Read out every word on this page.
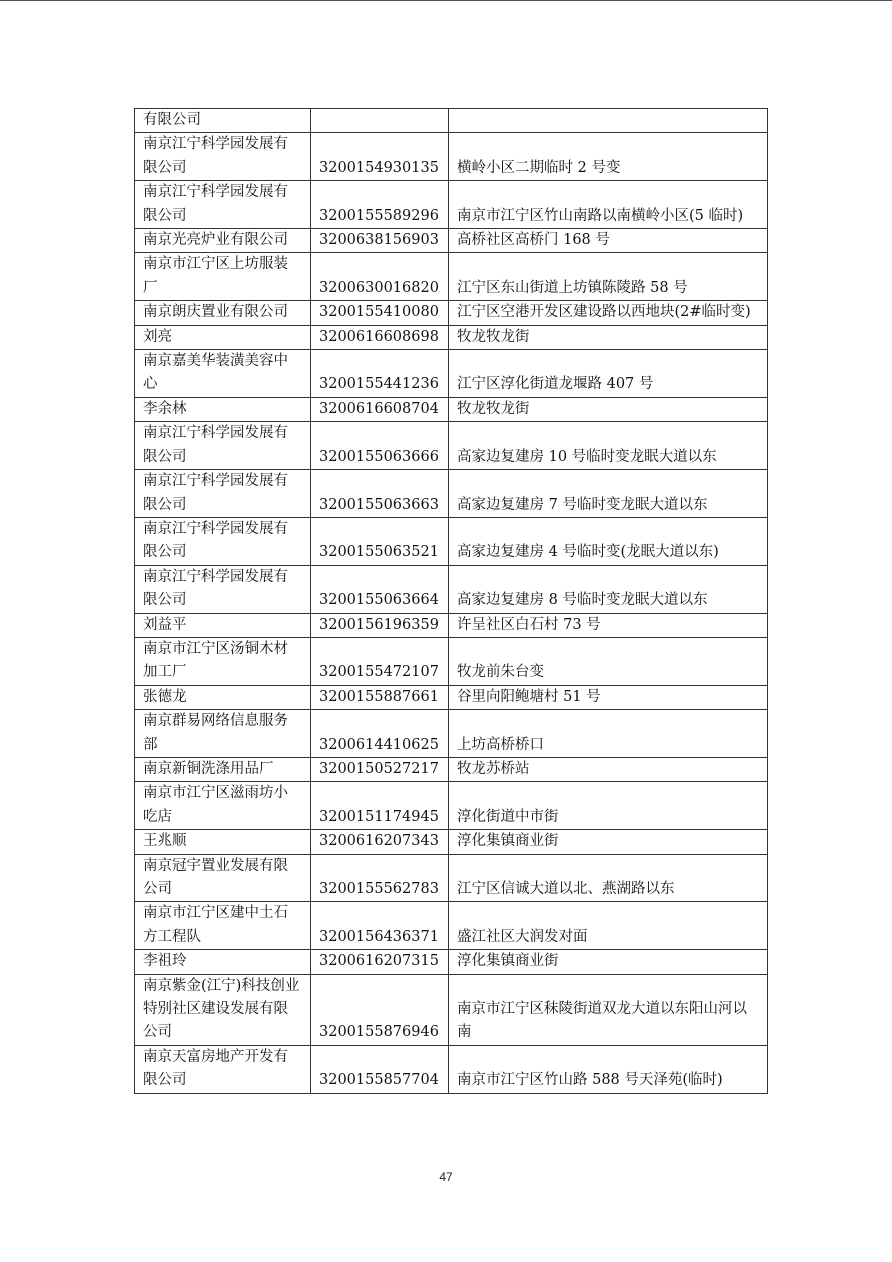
有限公司		
南京江宁科学园发展有限公司	3200154930135	横岭小区二期临时 2 号变
南京江宁科学园发展有限公司	3200155589296	南京市江宁区竹山南路以南横岭小区(5 临时)
南京光亮炉业有限公司	3200638156903	高桥社区高桥门 168 号
南京市江宁区上坊服装厂	3200630016820	江宁区东山街道上坊镇陈陵路 58 号
南京朗庆置业有限公司	3200155410080	江宁区空港开发区建设路以西地块(2#临时变)
刘亮	3200616608698	牧龙牧龙街
南京嘉美华装潢美容中心	3200155441236	江宁区淳化街道龙堰路 407 号
李余林	3200616608704	牧龙牧龙街
南京江宁科学园发展有限公司	3200155063666	高家边复建房 10 号临时变龙眠大道以东
南京江宁科学园发展有限公司	3200155063663	高家边复建房 7 号临时变龙眠大道以东
南京江宁科学园发展有限公司	3200155063521	高家边复建房 4 号临时变(龙眠大道以东)
南京江宁科学园发展有限公司	3200155063664	高家边复建房 8 号临时变龙眠大道以东
刘益平	3200156196359	许呈社区白石村 73 号
南京市江宁区汤铜木材加工厂	3200155472107	牧龙前朱台变
张德龙	3200155887661	谷里向阳鲍塘村 51 号
南京群易网络信息服务部	3200614410625	上坊高桥桥口
南京新铜洗涤用品厂	3200150527217	牧龙苏桥站
南京市江宁区滋雨坊小吃店	3200151174945	淳化街道中市街
王兆顺	3200616207343	淳化集镇商业街
南京冠宇置业发展有限公司	3200155562783	江宁区信诚大道以北、燕湖路以东
南京市江宁区建中土石方工程队	3200156436371	盛江社区大润发对面
李祖玲	3200616207315	淳化集镇商业街
南京紫金(江宁)科技创业特别社区建设发展有限公司	3200155876946	南京市江宁区秣陵街道双龙大道以东阳山河以南
南京天富房地产开发有限公司	3200155857704	南京市江宁区竹山路 588 号天泽苑(临时)
47
